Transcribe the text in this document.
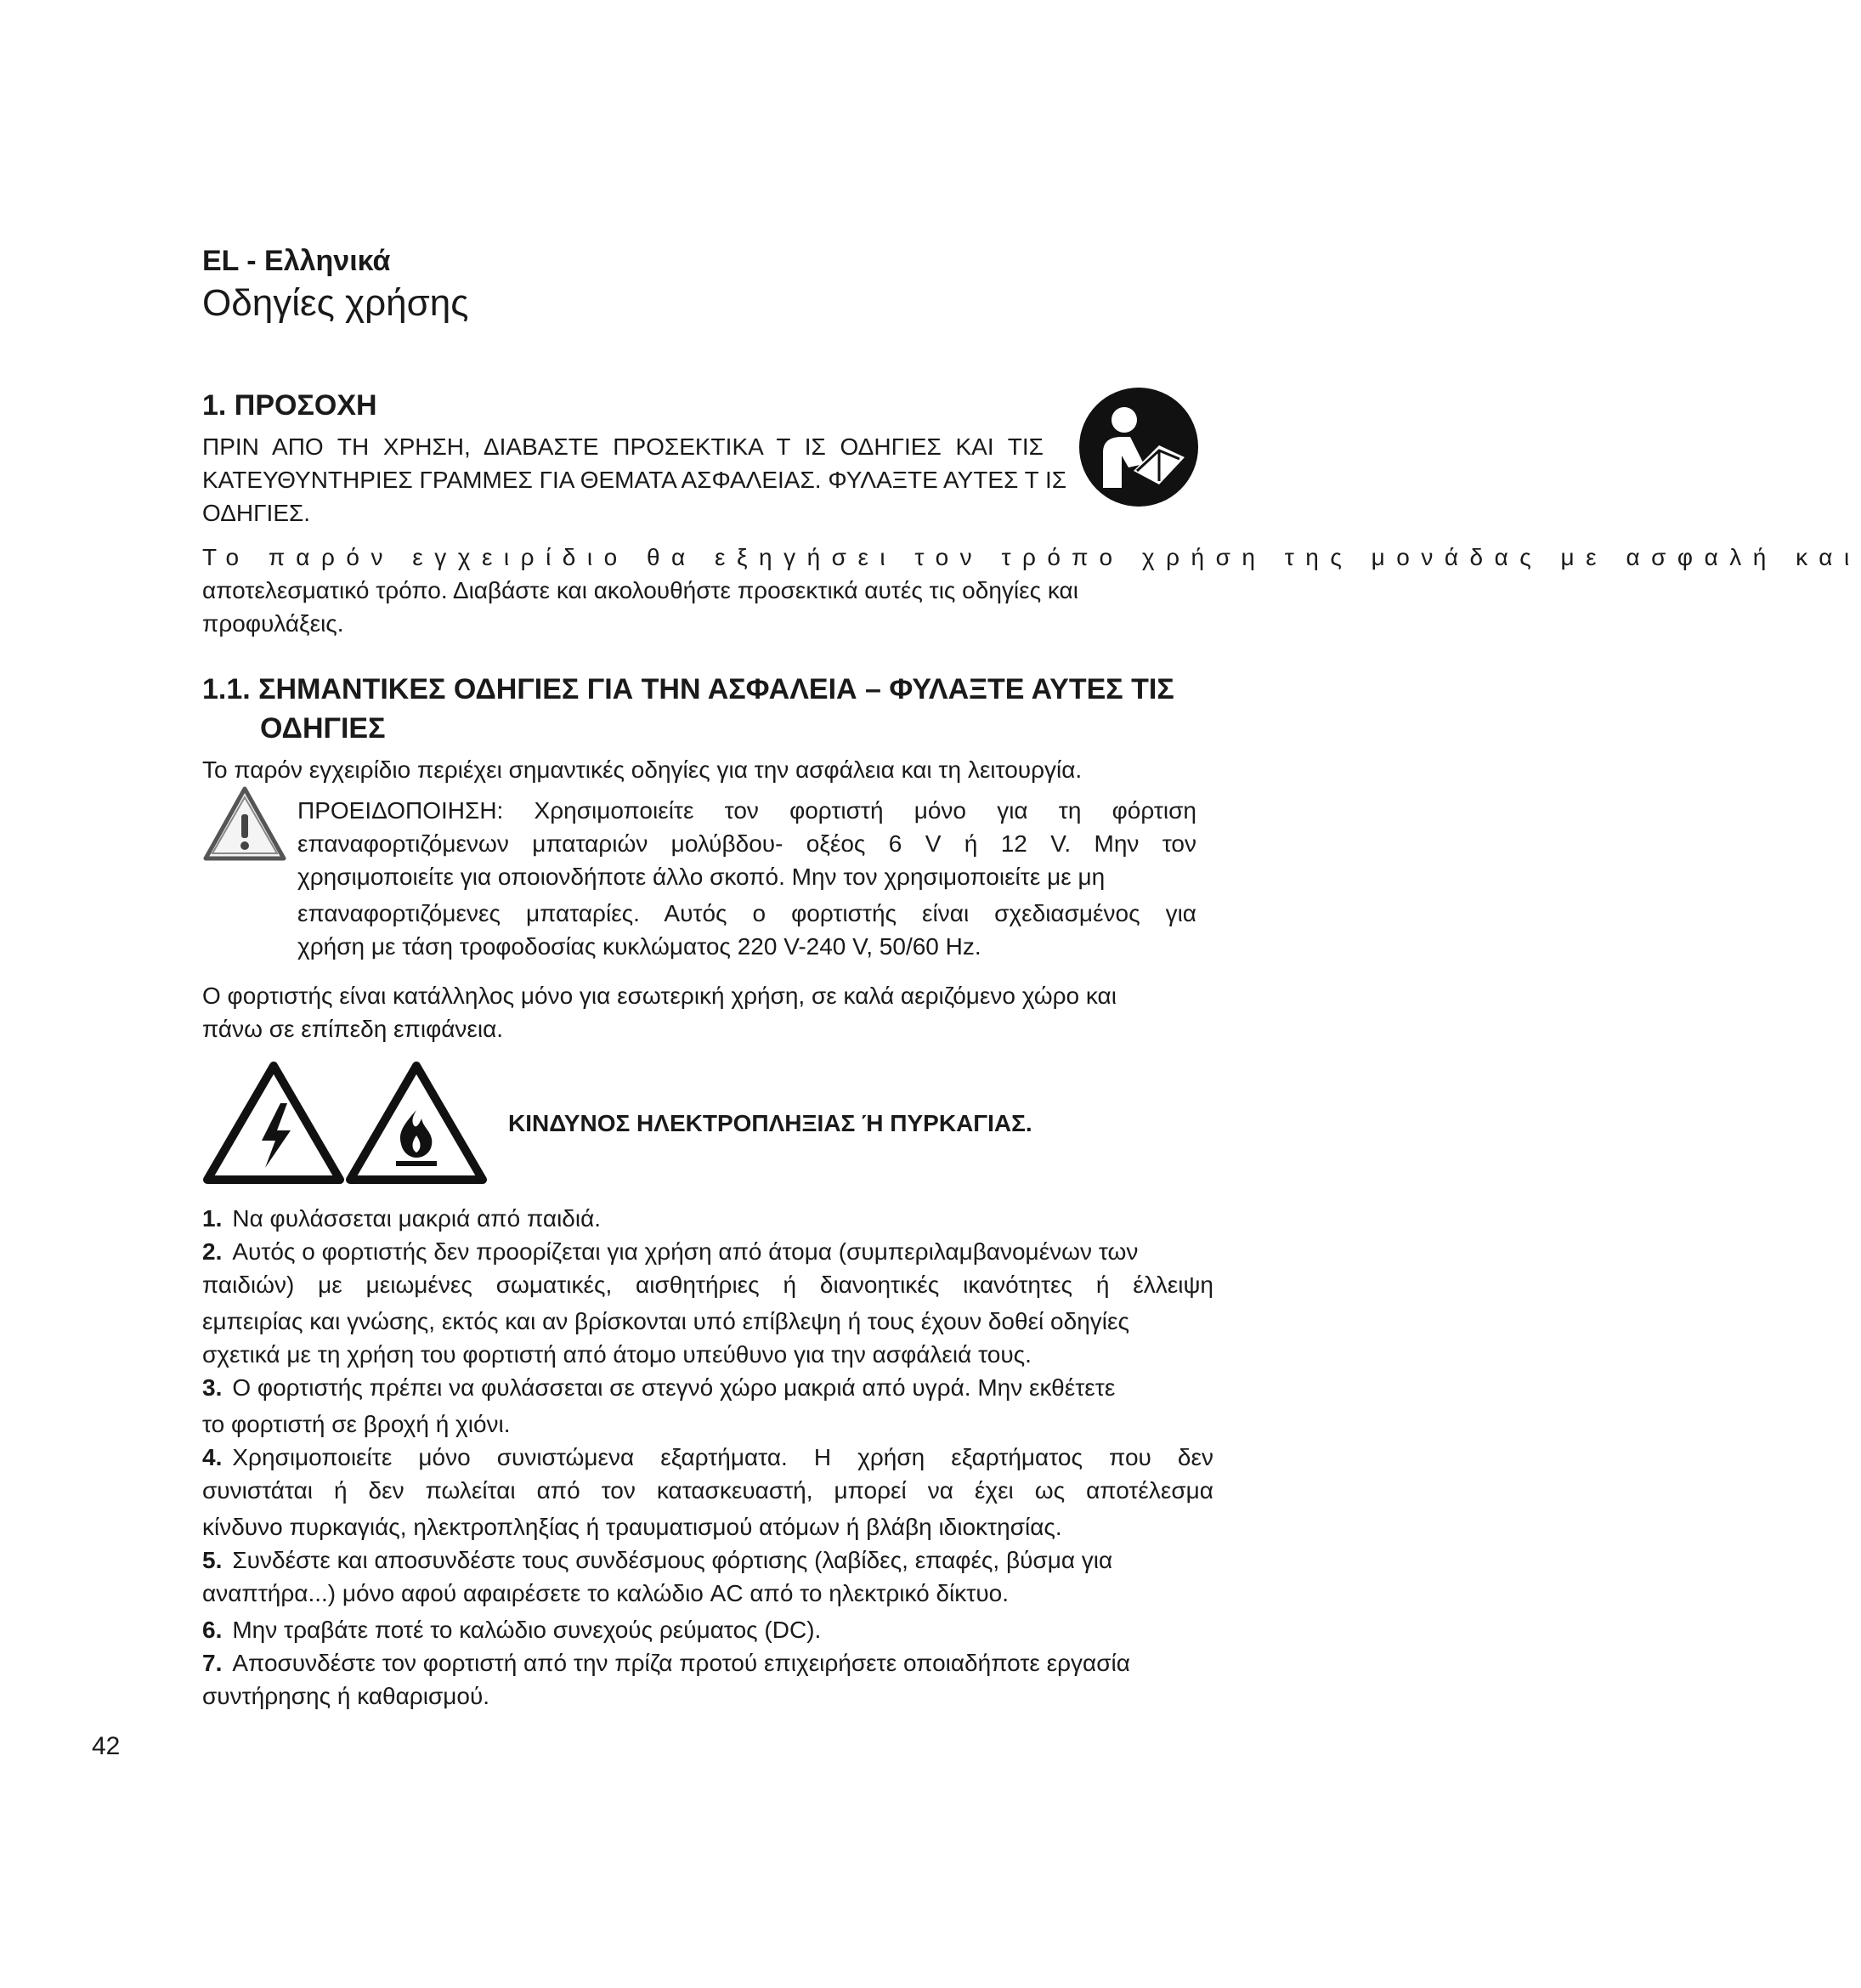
EL - Ελληνικά
Οδηγίες χρήσης
1. ΠΡΟΣΟΧΗ
ΠΡΙΝ ΑΠΟ ΤΗ ΧΡΗΣΗ, ΔΙΑΒΑΣΤΕ ΠΡΟΣΕΚΤΙΚΑ Τ ΙΣ ΟΔΗΓΙΕΣ ΚΑΙ ΤΙΣ
ΚΑΤΕΥΘΥΝΤΗΡΙΕΣ ΓΡΑΜΜΕΣ ΓΙΑ ΘΕΜΑΤΑ ΑΣΦΑΛΕΙΑΣ. ΦΥΛΑΞΤΕ ΑΥΤΕΣ Τ ΙΣ
ΟΔΗΓΙΕΣ.
Το παρόν εγχειρίδιο θα εξηγήσει τον τρόπο χρήση της μονάδας με ασφαλή και
αποτελεσματικό τρόπο. Διαβάστε και ακολουθήστε προσεκτικά αυτές τις οδηγίες και
προφυλάξεις.
1.1. ΣΗΜΑΝΤΙΚΕΣ ΟΔΗΓΙΕΣ ΓΙΑ ΤΗΝ ΑΣΦΑΛΕΙΑ – ΦΥΛΑΞΤΕ ΑΥΤΕΣ ΤΙΣ
ΟΔΗΓΙΕΣ
Το παρόν εγχειρίδιο περιέχει σημαντικές οδηγίες για την ασφάλεια και τη λειτουργία.
ΠΡΟΕΙΔΟΠΟΙΗΣΗ: Χρησιμοποιείτε τον φορτιστή μόνο για τη φόρτιση
επαναφορτιζόμενων μπαταριών μολύβδου- οξέος 6 V ή 12 V. Μην τον
χρησιμοποιείτε για οποιονδήποτε άλλο σκοπό. Μην τον χρησιμοποιείτε με μη
επαναφορτιζόμενες μπαταρίες. Αυτός ο φορτιστής είναι σχεδιασμένος για
χρήση με τάση τροφοδοσίας κυκλώματος 220 V-240 V, 50/60 Hz.
Ο φορτιστής είναι κατάλληλος μόνο για εσωτερική χρήση, σε καλά αεριζόμενο χώρο και
πάνω σε επίπεδη επιφάνεια.
ΚΙΝΔΥΝΟΣ ΗΛΕΚΤΡΟΠΛΗΞΙΑΣ Ή ΠΥΡΚΑΓΙΑΣ.
1. Να φυλάσσεται μακριά από παιδιά.
2. Αυτός ο φορτιστής δεν προορίζεται για χρήση από άτομα (συμπεριλαμβανομένων των
παιδιών) με μειωμένες σωματικές, αισθητήριες ή διανοητικές ικανότητες ή έλλειψη
εμπειρίας και γνώσης, εκτός και αν βρίσκονται υπό επίβλεψη ή τους έχουν δοθεί οδηγίες
σχετικά με τη χρήση του φορτιστή από άτομο υπεύθυνο για την ασφάλειά τους.
3. Ο φορτιστής πρέπει να φυλάσσεται σε στεγνό χώρο μακριά από υγρά. Μην εκθέτετε
το φορτιστή σε βροχή ή χιόνι.
4. Χρησιμοποιείτε μόνο συνιστώμενα εξαρτήματα. Η χρήση εξαρτήματος που δεν
συνιστάται ή δεν πωλείται από τον κατασκευαστή, μπορεί να έχει ως αποτέλεσμα
κίνδυνο πυρκαγιάς, ηλεκτροπληξίας ή τραυματισμού ατόμων ή βλάβη ιδιοκτησίας.
5. Συνδέστε και αποσυνδέστε τους συνδέσμους φόρτισης (λαβίδες, επαφές, βύσμα για
αναπτήρα...) μόνο αφού αφαιρέσετε το καλώδιο AC από το ηλεκτρικό δίκτυο.
6. Μην τραβάτε ποτέ το καλώδιο συνεχούς ρεύματος (DC).
7. Αποσυνδέστε τον φορτιστή από την πρίζα προτού επιχειρήσετε οποιαδήποτε εργασία
συντήρησης ή καθαρισμού.
42
